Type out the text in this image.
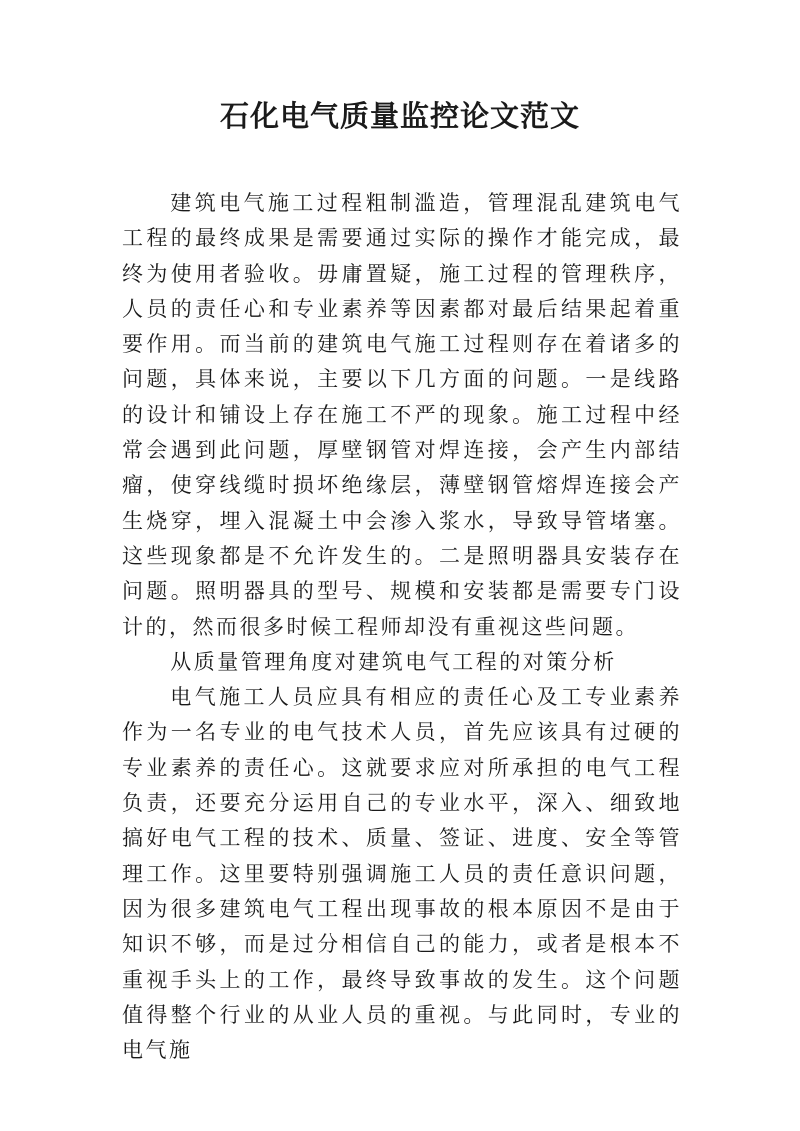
石化电气质量监控论文范文

建筑电气施工过程粗制滥造，管理混乱建筑电气工程的最终成果是需要通过实际的操作才能完成，最终为使用者验收。毋庸置疑，施工过程的管理秩序，人员的责任心和专业素养等因素都对最后结果起着重要作用。而当前的建筑电气施工过程则存在着诸多的问题，具体来说，主要以下几方面的问题。一是线路的设计和铺设上存在施工不严的现象。施工过程中经常会遇到此问题，厚壁钢管对焊连接，会产生内部结瘤，使穿线缆时损坏绝缘层，薄壁钢管熔焊连接会产生烧穿，埋入混凝土中会渗入浆水，导致导管堵塞。这些现象都是不允许发生的。二是照明器具安装存在问题。照明器具的型号、规模和安装都是需要专门设计的，然而很多时候工程师却没有重视这些问题。

从质量管理角度对建筑电气工程的对策分析

电气施工人员应具有相应的责任心及工专业素养作为一名专业的电气技术人员，首先应该具有过硬的专业素养的责任心。这就要求应对所承担的电气工程负责，还要充分运用自己的专业水平，深入、细致地搞好电气工程的技术、质量、签证、进度、安全等管理工作。这里要特别强调施工人员的责任意识问题，因为很多建筑电气工程出现事故的根本原因不是由于知识不够，而是过分相信自己的能力，或者是根本不重视手头上的工作，最终导致事故的发生。这个问题值得整个行业的从业人员的重视。与此同时，专业的电气施
